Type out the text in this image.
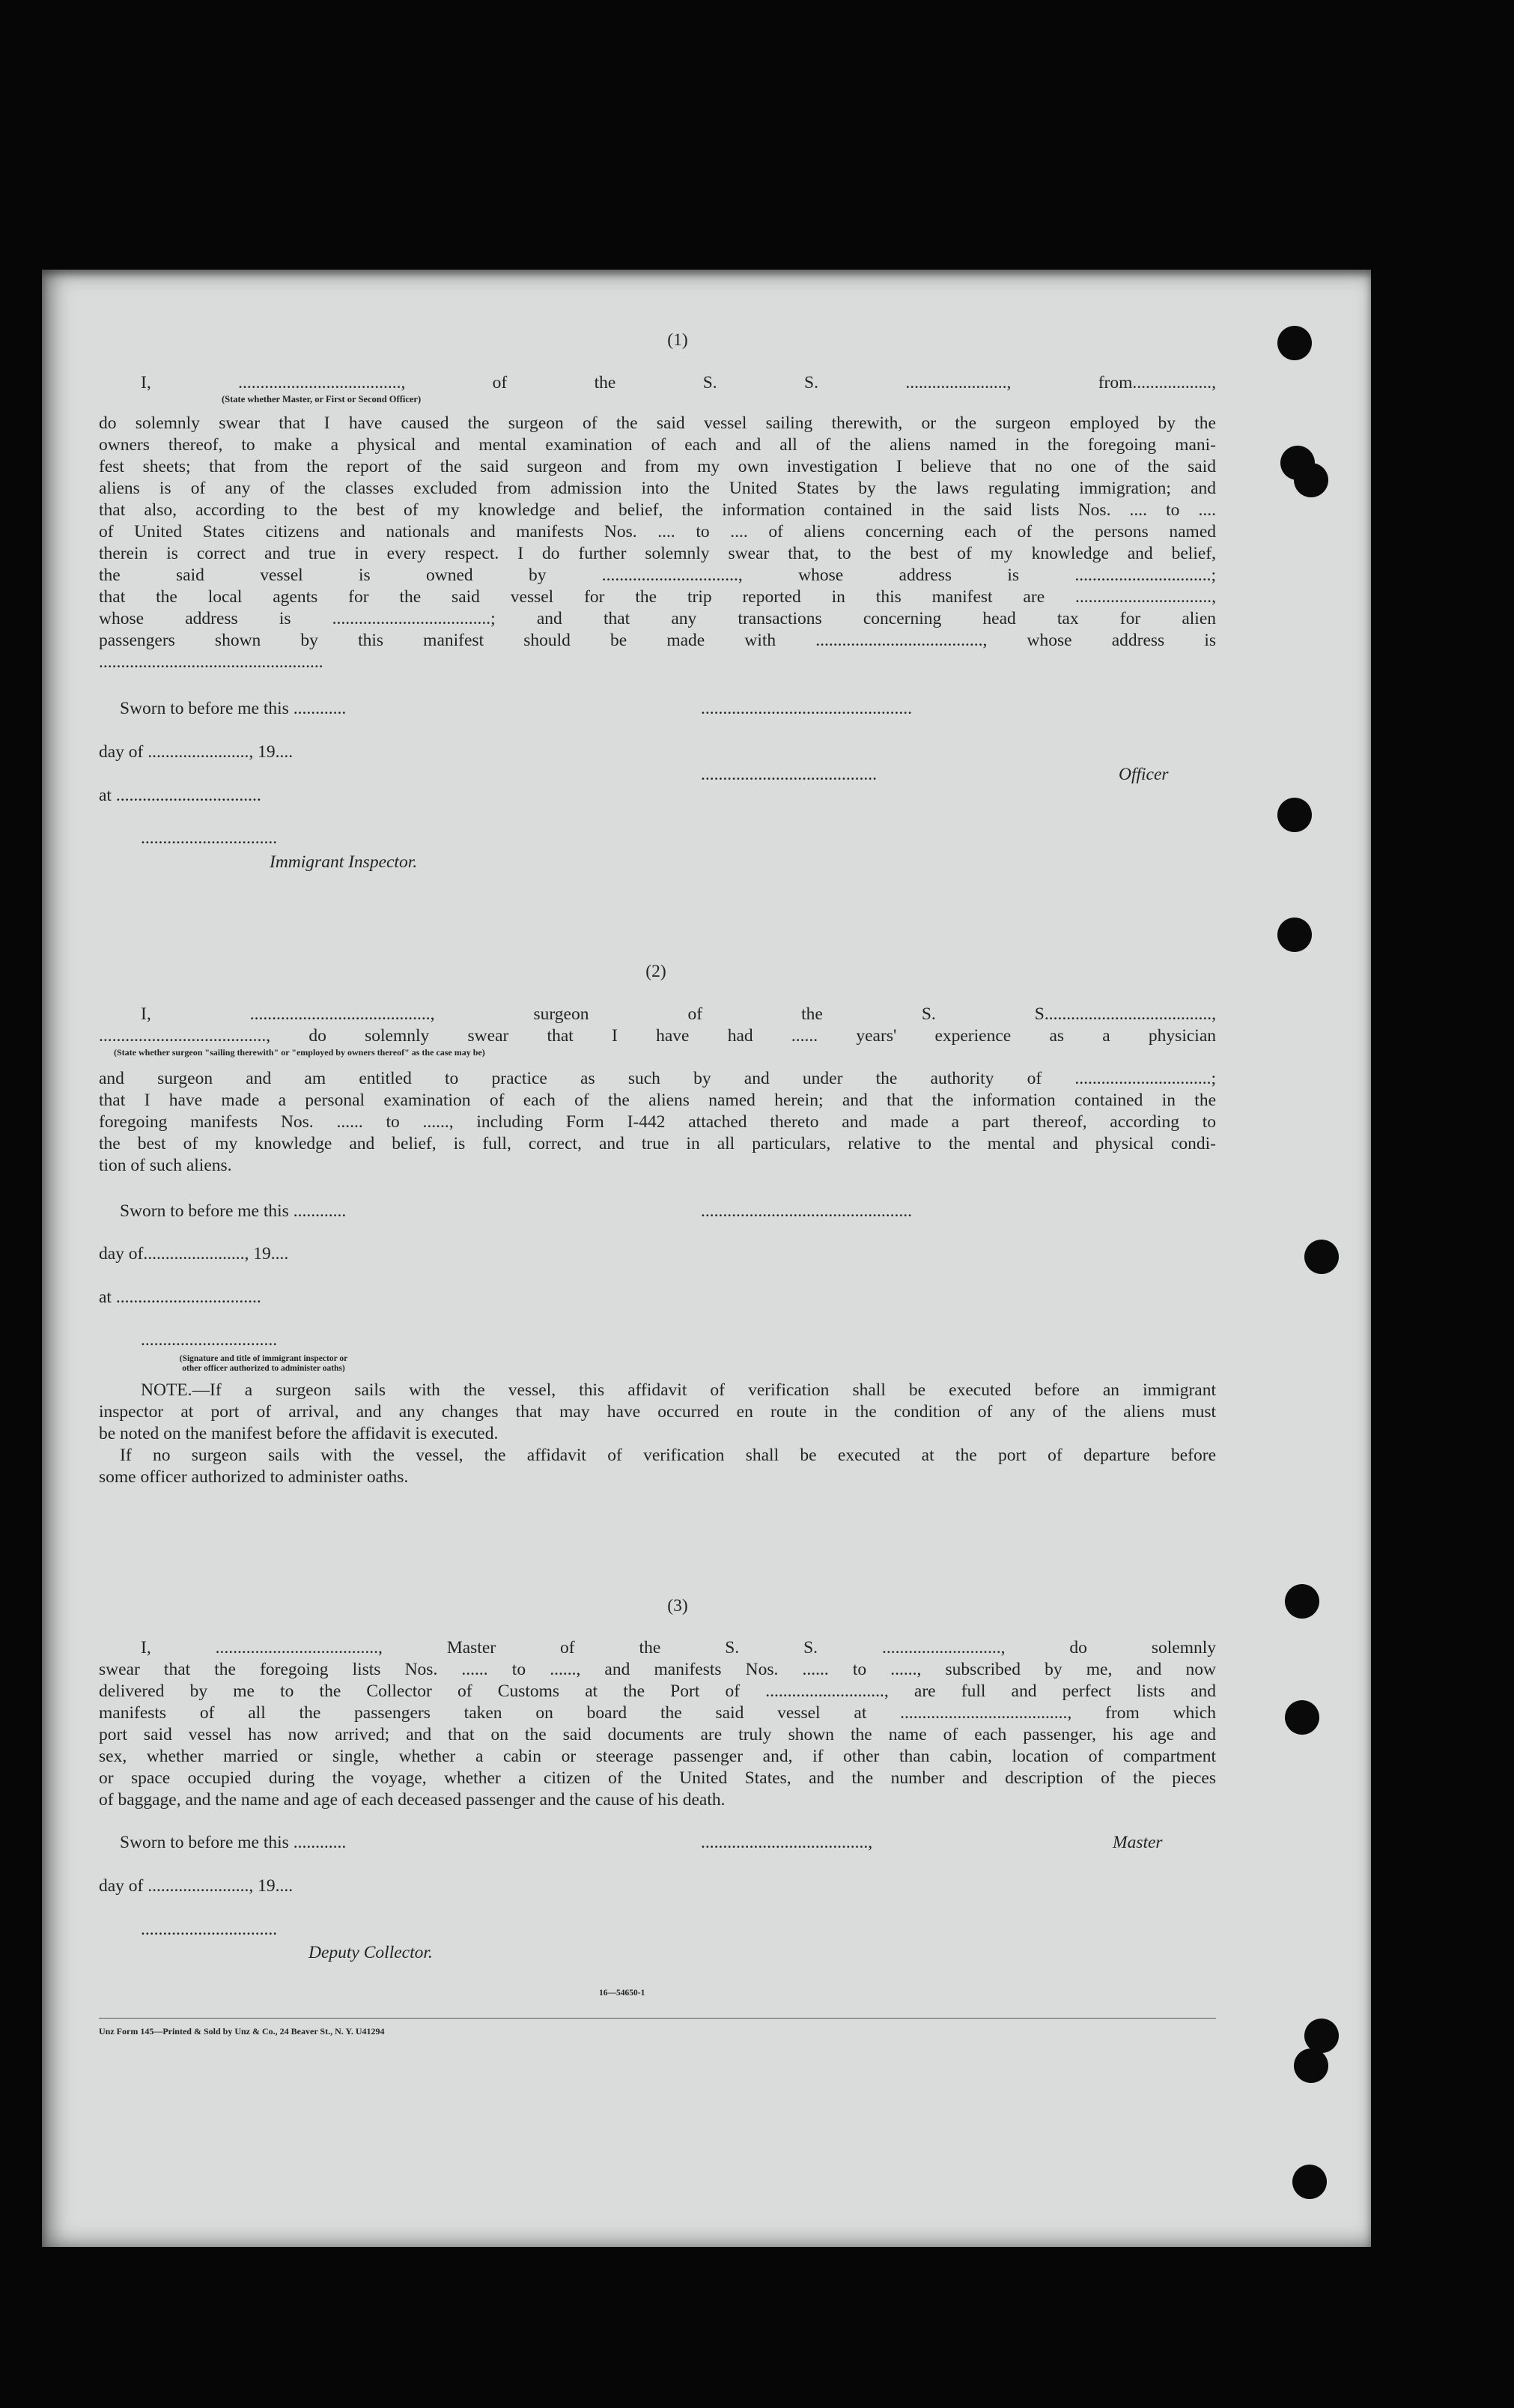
(1)
I, ....................................., of the S. S. ......................., from..................,
(State whether Master, or First or Second Officer)
do solemnly swear that I have caused the surgeon of the said vessel sailing therewith, or the surgeon employed by the
owners thereof, to make a physical and mental examination of each and all of the aliens named in the foregoing mani-
fest sheets; that from the report of the said surgeon and from my own investigation I believe that no one of the said
aliens is of any of the classes excluded from admission into the United States by the laws regulating immigration; and
that also, according to the best of my knowledge and belief, the information contained in the said lists Nos. .... to ....
of United States citizens and nationals and manifests Nos. .... to .... of aliens concerning each of the persons named
therein is correct and true in every respect. I do further solemnly swear that, to the best of my knowledge and belief,
the said vessel is owned by ..............................., whose address is ...............................;
that the local agents for the said vessel for the trip reported in this manifest are ...............................,
whose address is ....................................; and that any transactions concerning head tax for alien
passengers shown by this manifest should be made with ......................................, whose address is
...................................................
Sworn to before me this ............	................................................
day of ......................., 19....
........................................	Officer
at .................................
...............................
Immigrant Inspector.
(2)
I, ........................................., surgeon of the S. S......................................,
......................................, do solemnly swear that I have had ...... years' experience as a physician
(State whether surgeon "sailing therewith" or "employed by owners thereof" as the case may be)
and surgeon and am entitled to practice as such by and under the authority of ...............................;
that I have made a personal examination of each of the aliens named herein; and that the information contained in the
foregoing manifests Nos. ...... to ......, including Form I-442 attached thereto and made a part thereof, according to
the best of my knowledge and belief, is full, correct, and true in all particulars, relative to the mental and physical condi-
tion of such aliens.
Sworn to before me this ............	................................................
day of......................., 19....
at .................................
...............................
(Signature and title of immigrant inspector or
other officer authorized to administer oaths)
NOTE.—If a surgeon sails with the vessel, this affidavit of verification shall be executed before an immigrant
inspector at port of arrival, and any changes that may have occurred en route in the condition of any of the aliens must
be noted on the manifest before the affidavit is executed.
If no surgeon sails with the vessel, the affidavit of verification shall be executed at the port of departure before
some officer authorized to administer oaths.
(3)
I, ....................................., Master of the S. S. ..........................., do solemnly
swear that the foregoing lists Nos. ...... to ......, and manifests Nos. ...... to ......, subscribed by me, and now
delivered by me to the Collector of Customs at the Port of ..........................., are full and perfect lists and
manifests of all the passengers taken on board the said vessel at ......................................, from which
port said vessel has now arrived; and that on the said documents are truly shown the name of each passenger, his age and
sex, whether married or single, whether a cabin or steerage passenger and, if other than cabin, location of compartment
or space occupied during the voyage, whether a citizen of the United States, and the number and description of the pieces
of baggage, and the name and age of each deceased passenger and the cause of his death.
Sworn to before me this ............	......................................,	Master
day of ......................., 19....
...............................
Deputy Collector.
16—54650-1
Unz Form 145—Printed & Sold by Unz & Co., 24 Beaver St., N. Y. U41294
